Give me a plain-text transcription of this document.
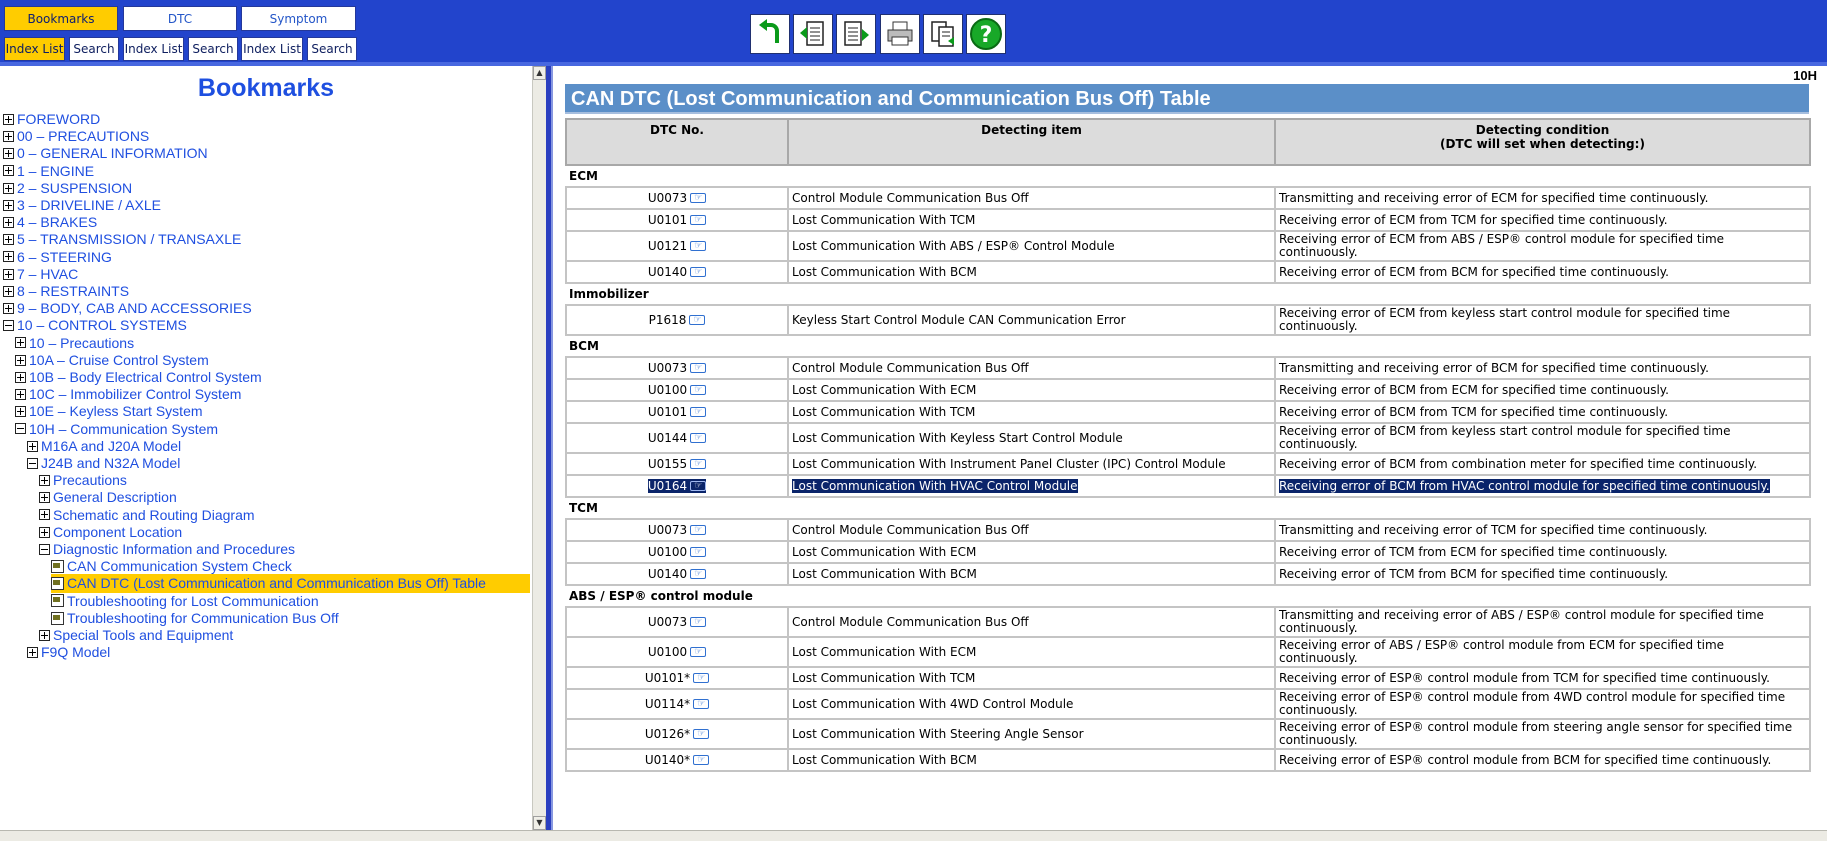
Bookmarks	DTC	Symptom
Index List Search Index List Search Index List Search
?
Bookmarks
FOREWORD
00 – PRECAUTIONS
0 – GENERAL INFORMATION
1 – ENGINE
2 – SUSPENSION
3 – DRIVELINE / AXLE
4 – BRAKES
5 – TRANSMISSION / TRANSAXLE
6 – STEERING
7 – HVAC
8 – RESTRAINTS
9 – BODY, CAB AND ACCESSORIES
10 – CONTROL SYSTEMS
10 – Precautions
10A – Cruise Control System
10B – Body Electrical Control System
10C – Immobilizer Control System
10E – Keyless Start System
10H – Communication System
M16A and J20A Model
J24B and N32A Model
Precautions
General Description
Schematic and Routing Diagram
Component Location
Diagnostic Information and Procedures
CAN Communication System Check
CAN DTC (Lost Communication and Communication Bus Off) Table
Troubleshooting for Lost Communication
Troubleshooting for Communication Bus Off
Special Tools and Equipment
F9Q Model
▲
▼
10H
CAN DTC (Lost Communication and Communication Bus Off) Table
DTC No.	Detecting item	Detecting condition
(DTC will set when detecting:)
ECM		
U0073 ☞	Control Module Communication Bus Off	Transmitting and receiving error of ECM for specified time continuously.
U0101 ☞	Lost Communication With TCM	Receiving error of ECM from TCM for specified time continuously.
U0121 ☞	Lost Communication With ABS / ESP® Control Module	Receiving error of ECM from ABS / ESP® control module for specified time continuously.
U0140 ☞	Lost Communication With BCM	Receiving error of ECM from BCM for specified time continuously.
Immobilizer		
P1618 ☞	Keyless Start Control Module CAN Communication Error	Receiving error of ECM from keyless start control module for specified time continuously.
BCM		
U0073 ☞	Control Module Communication Bus Off	Transmitting and receiving error of BCM for specified time continuously.
U0100 ☞	Lost Communication With ECM	Receiving error of BCM from ECM for specified time continuously.
U0101 ☞	Lost Communication With TCM	Receiving error of BCM from TCM for specified time continuously.
U0144 ☞	Lost Communication With Keyless Start Control Module	Receiving error of BCM from keyless start control module for specified time continuously.
U0155 ☞	Lost Communication With Instrument Panel Cluster (IPC) Control Module	Receiving error of BCM from combination meter for specified time continuously.
U0164 ☞	Lost Communication With HVAC Control Module	Receiving error of BCM from HVAC control module for specified time continuously.
TCM		
U0073 ☞	Control Module Communication Bus Off	Transmitting and receiving error of TCM for specified time continuously.
U0100 ☞	Lost Communication With ECM	Receiving error of TCM from ECM for specified time continuously.
U0140 ☞	Lost Communication With BCM	Receiving error of TCM from BCM for specified time continuously.
ABS / ESP® control module		
U0073 ☞	Control Module Communication Bus Off	Transmitting and receiving error of ABS / ESP® control module for specified time continuously.
U0100 ☞	Lost Communication With ECM	Receiving error of ABS / ESP® control module from ECM for specified time continuously.
U0101* ☞	Lost Communication With TCM	Receiving error of ESP® control module from TCM for specified time continuously.
U0114* ☞	Lost Communication With 4WD Control Module	Receiving error of ESP® control module from 4WD control module for specified time continuously.
U0126* ☞	Lost Communication With Steering Angle Sensor	Receiving error of ESP® control module from steering angle sensor for specified time continuously.
U0140* ☞	Lost Communication With BCM	Receiving error of ESP® control module from BCM for specified time continuously.
